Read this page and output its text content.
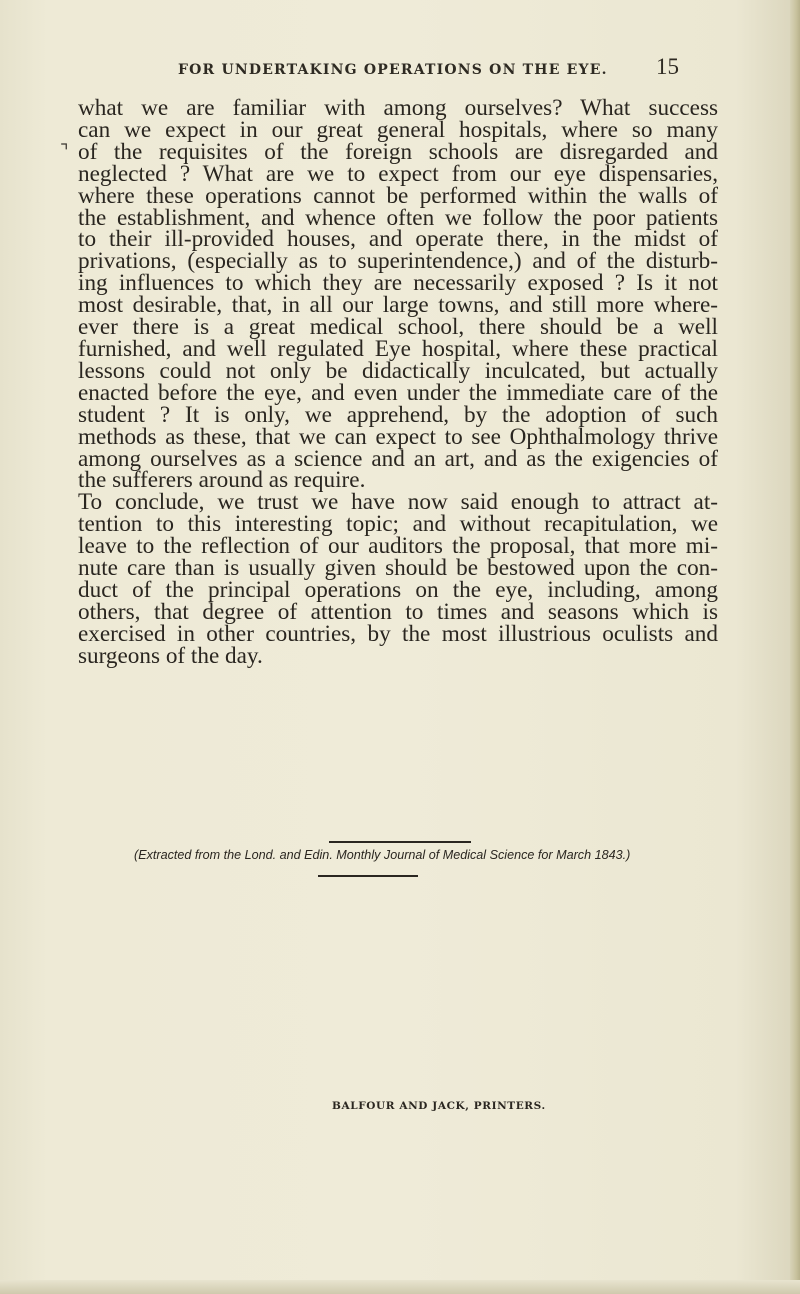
FOR UNDERTAKING OPERATIONS ON THE EYE. 15
⌝
what we are familiar with among ourselves? What success
can we expect in our great general hospitals, where so many
of the requisites of the foreign schools are disregarded and
neglected ? What are we to expect from our eye dispensaries,
where these operations cannot be performed within the walls of
the establishment, and whence often we follow the poor patients
to their ill-provided houses, and operate there, in the midst of
privations, (especially as to superintendence,) and of the disturb-
ing influences to which they are necessarily exposed ? Is it not
most desirable, that, in all our large towns, and still more where-
ever there is a great medical school, there should be a well
furnished, and well regulated Eye hospital, where these practical
lessons could not only be didactically inculcated, but actually
enacted before the eye, and even under the immediate care of the
student ? It is only, we apprehend, by the adoption of such
methods as these, that we can expect to see Ophthalmology thrive
among ourselves as a science and an art, and as the exigencies of
the sufferers around as require.
To conclude, we trust we have now said enough to attract at-
tention to this interesting topic; and without recapitulation, we
leave to the reflection of our auditors the proposal, that more mi-
nute care than is usually given should be bestowed upon the con-
duct of the principal operations on the eye, including, among
others, that degree of attention to times and seasons which is
exercised in other countries, by the most illustrious oculists and
surgeons of the day.
(Extracted from the Lond. and Edin. Monthly Journal of Medical Science for March 1843.)
BALFOUR AND JACK, PRINTERS.
